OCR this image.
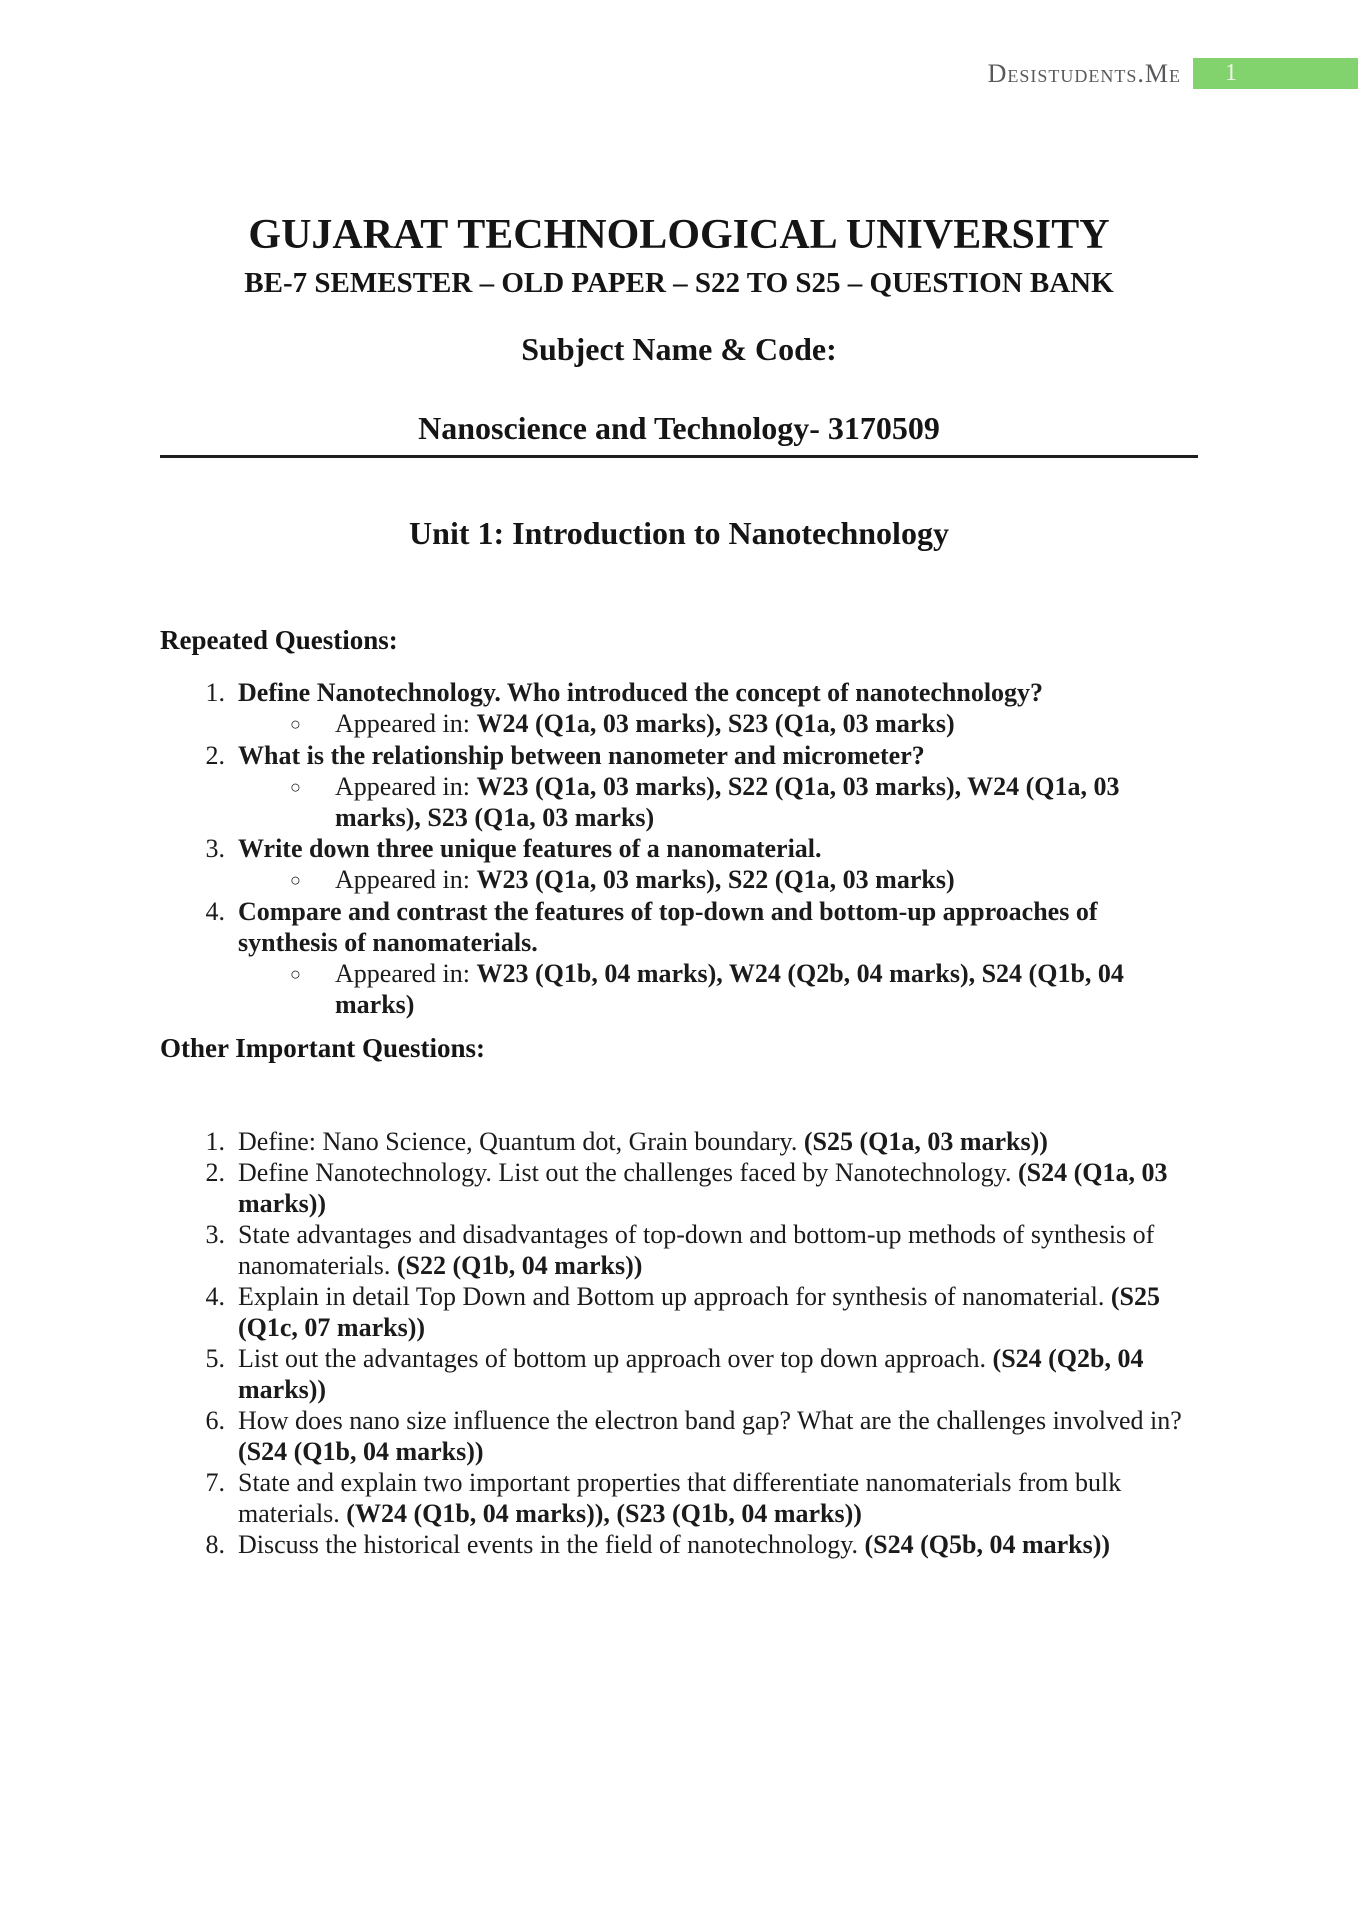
Desistudents.Me	1
GUJARAT TECHNOLOGICAL UNIVERSITY
BE-7 SEMESTER – OLD PAPER – S22 TO S25 – QUESTION BANK
Subject Name & Code:
Nanoscience and Technology- 3170509
Unit 1: Introduction to Nanotechnology
Repeated Questions:
1. Define Nanotechnology. Who introduced the concept of nanotechnology?
○	Appeared in: W24 (Q1a, 03 marks), S23 (Q1a, 03 marks)
2. What is the relationship between nanometer and micrometer?
○	Appeared in: W23 (Q1a, 03 marks), S22 (Q1a, 03 marks), W24 (Q1a, 03 marks), S23 (Q1a, 03 marks)
3. Write down three unique features of a nanomaterial.
○	Appeared in: W23 (Q1a, 03 marks), S22 (Q1a, 03 marks)
4. Compare and contrast the features of top-down and bottom-up approaches of synthesis of nanomaterials.
○	Appeared in: W23 (Q1b, 04 marks), W24 (Q2b, 04 marks), S24 (Q1b, 04 marks)
Other Important Questions:
1. Define: Nano Science, Quantum dot, Grain boundary. (S25 (Q1a, 03 marks))
2. Define Nanotechnology. List out the challenges faced by Nanotechnology. (S24 (Q1a, 03 marks))
3. State advantages and disadvantages of top-down and bottom-up methods of synthesis of nanomaterials. (S22 (Q1b, 04 marks))
4. Explain in detail Top Down and Bottom up approach for synthesis of nanomaterial. (S25 (Q1c, 07 marks))
5. List out the advantages of bottom up approach over top down approach. (S24 (Q2b, 04 marks))
6. How does nano size influence the electron band gap? What are the challenges involved in? (S24 (Q1b, 04 marks))
7. State and explain two important properties that differentiate nanomaterials from bulk materials. (W24 (Q1b, 04 marks)), (S23 (Q1b, 04 marks))
8. Discuss the historical events in the field of nanotechnology. (S24 (Q5b, 04 marks))
